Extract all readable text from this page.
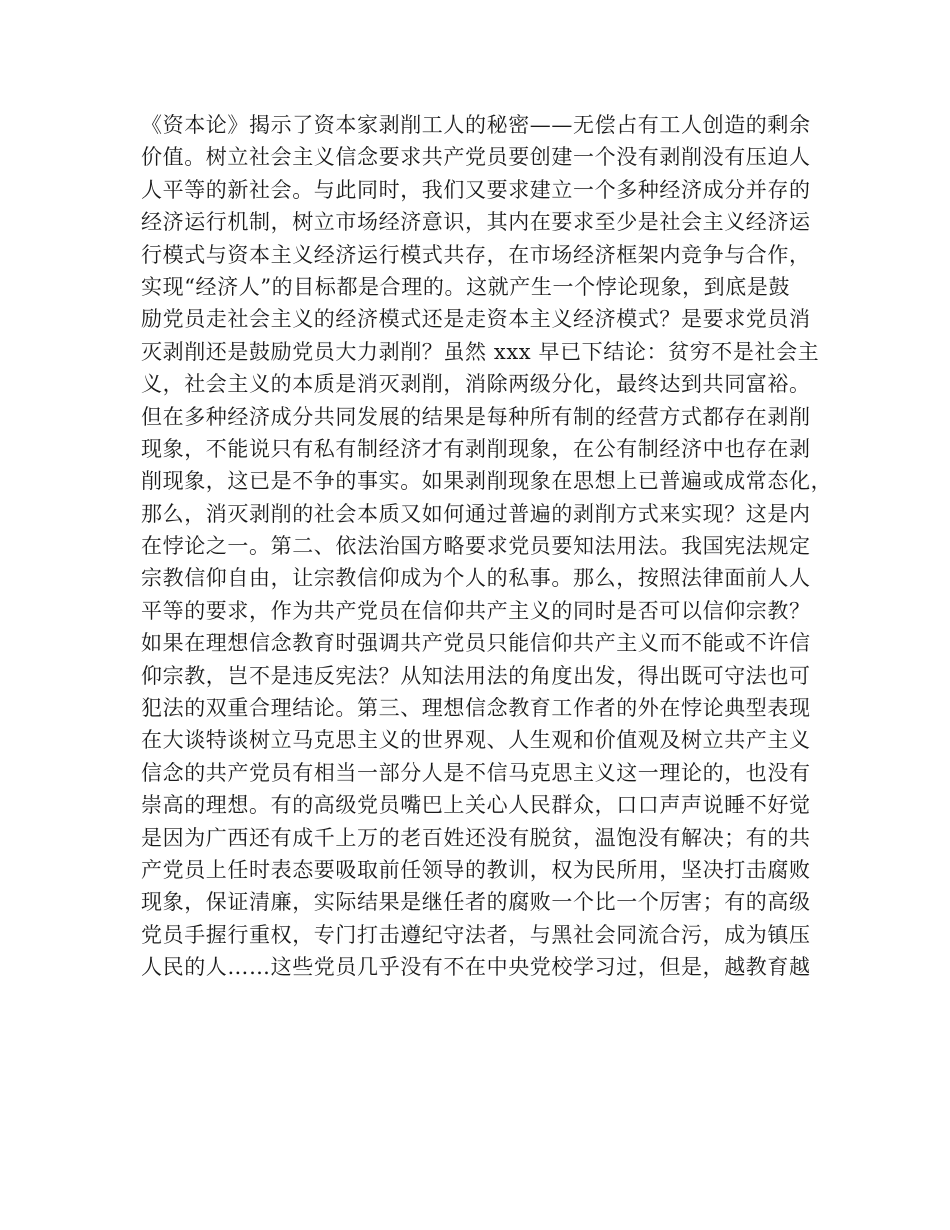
《资本论》揭示了资本家剥削工人的秘密——无偿占有工人创造的剩余
价值。树立社会主义信念要求共产党员要创建一个没有剥削没有压迫人
人平等的新社会。与此同时，我们又要求建立一个多种经济成分并存的
经济运行机制，树立市场经济意识，其内在要求至少是社会主义经济运
行模式与资本主义经济运行模式共存，在市场经济框架内竞争与合作，
实现“经济人”的目标都是合理的。这就产生一个悖论现象，到底是鼓
励党员走社会主义的经济模式还是走资本主义经济模式？是要求党员消
灭剥削还是鼓励党员大力剥削？虽然 xxx 早已下结论：贫穷不是社会主
义，社会主义的本质是消灭剥削，消除两级分化，最终达到共同富裕。
但在多种经济成分共同发展的结果是每种所有制的经营方式都存在剥削
现象，不能说只有私有制经济才有剥削现象，在公有制经济中也存在剥
削现象，这已是不争的事实。如果剥削现象在思想上已普遍或成常态化，
那么，消灭剥削的社会本质又如何通过普遍的剥削方式来实现？这是内
在悖论之一。第二、依法治国方略要求党员要知法用法。我国宪法规定
宗教信仰自由，让宗教信仰成为个人的私事。那么，按照法律面前人人
平等的要求，作为共产党员在信仰共产主义的同时是否可以信仰宗教？
如果在理想信念教育时强调共产党员只能信仰共产主义而不能或不许信
仰宗教，岂不是违反宪法？从知法用法的角度出发，得出既可守法也可
犯法的双重合理结论。第三、理想信念教育工作者的外在悖论典型表现
在大谈特谈树立马克思主义的世界观、人生观和价值观及树立共产主义
信念的共产党员有相当一部分人是不信马克思主义这一理论的，也没有
崇高的理想。有的高级党员嘴巴上关心人民群众，口口声声说睡不好觉
是因为广西还有成千上万的老百姓还没有脱贫，温饱没有解决；有的共
产党员上任时表态要吸取前任领导的教训，权为民所用，坚决打击腐败
现象，保证清廉，实际结果是继任者的腐败一个比一个厉害；有的高级
党员手握行重权，专门打击遵纪守法者，与黑社会同流合污，成为镇压
人民的人……这些党员几乎没有不在中央党校学习过，但是，越教育越
